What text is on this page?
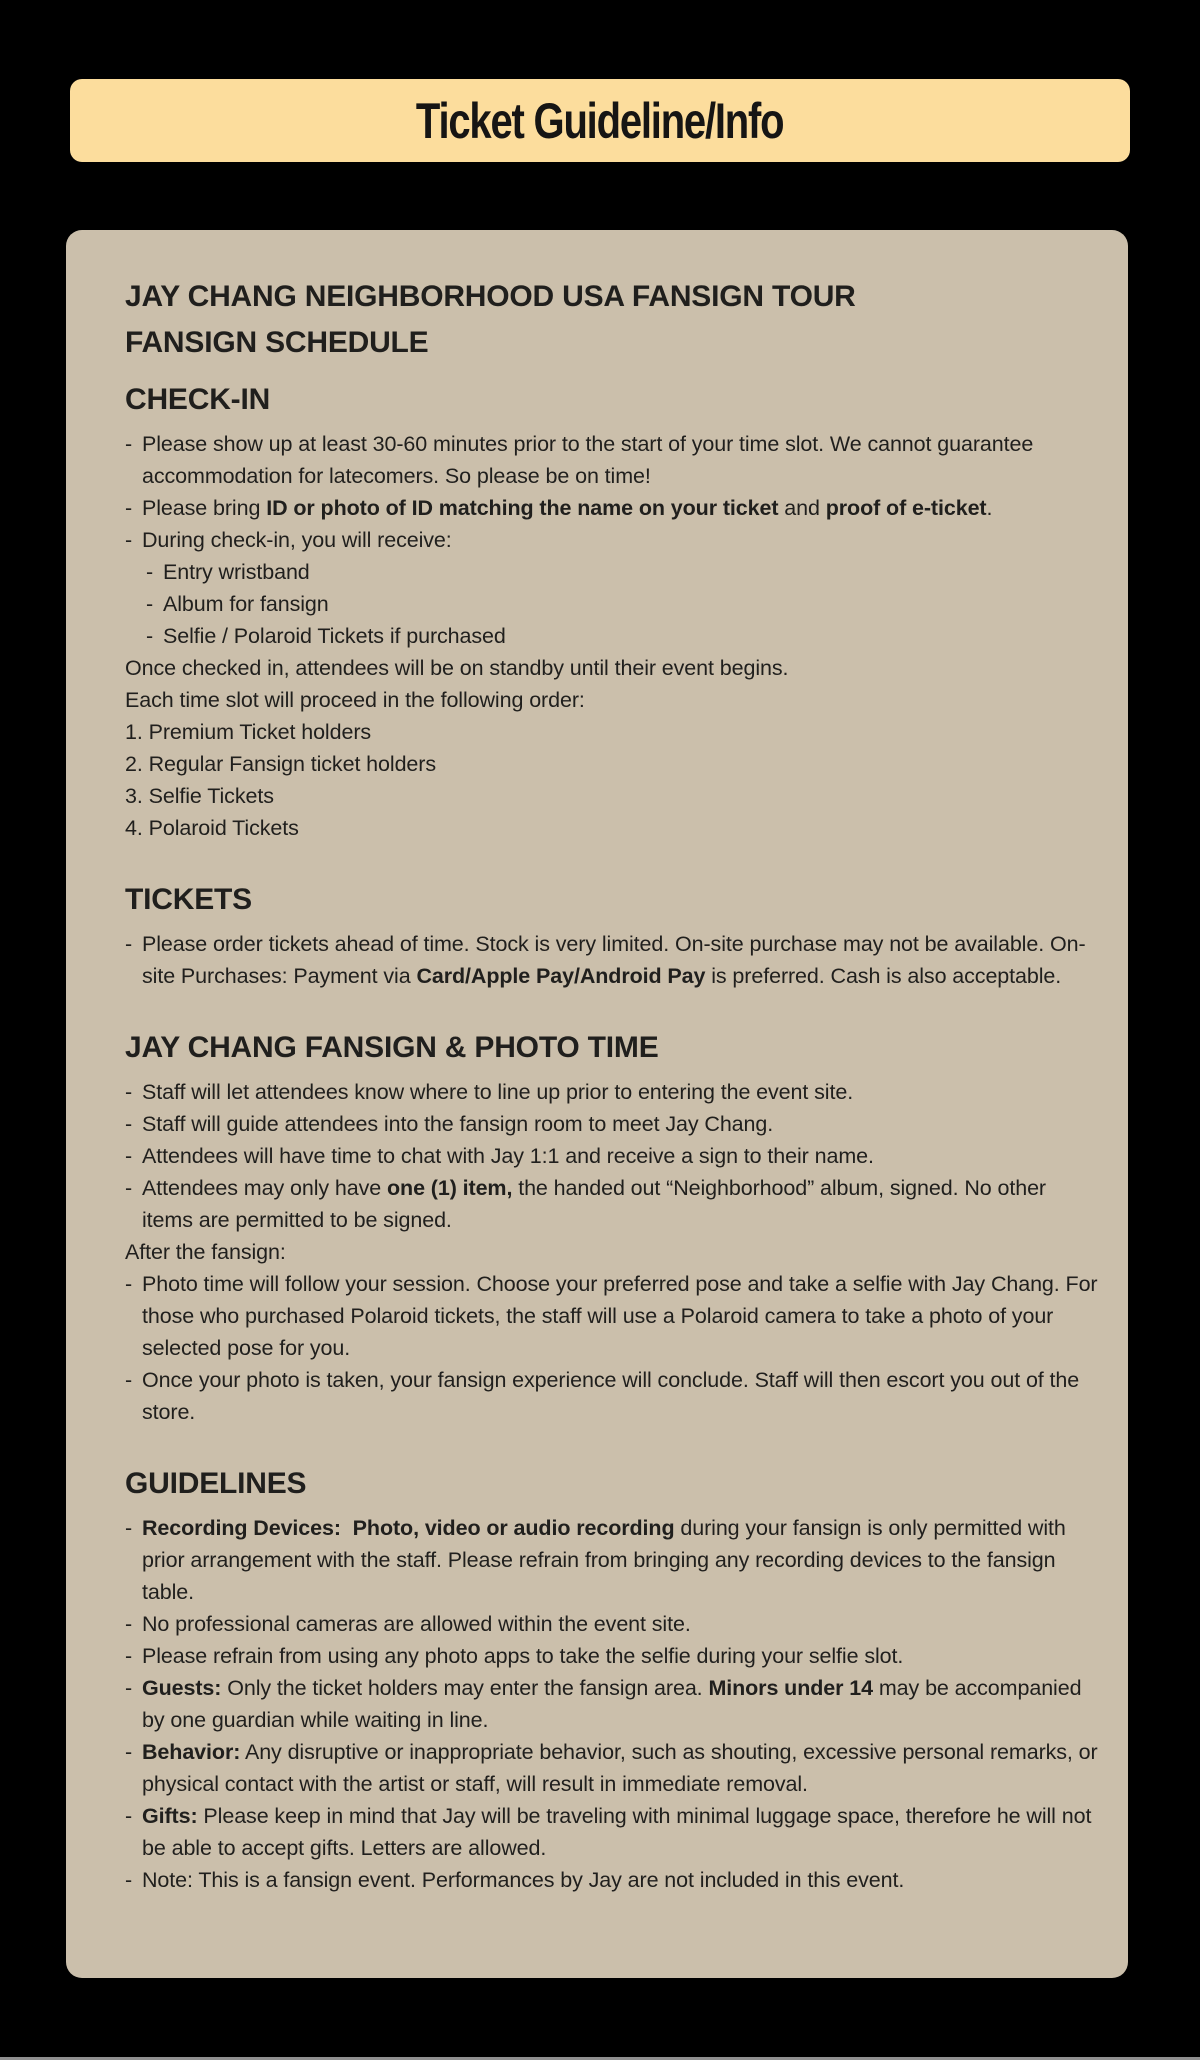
Ticket Guideline/Info
JAY CHANG NEIGHBORHOOD USA FANSIGN TOUR
FANSIGN SCHEDULE
CHECK-IN
- Please show up at least 30-60 minutes prior to the start of your time slot. We cannot guarantee accommodation for latecomers. So please be on time!
- Please bring ID or photo of ID matching the name on your ticket and proof of e-ticket.
- During check-in, you will receive:
- Entry wristband
- Album for fansign
- Selfie / Polaroid Tickets if purchased
Once checked in, attendees will be on standby until their event begins.
Each time slot will proceed in the following order:
1. Premium Ticket holders
2. Regular Fansign ticket holders
3. Selfie Tickets
4. Polaroid Tickets
TICKETS
- Please order tickets ahead of time. Stock is very limited. On-site purchase may not be available. On-site Purchases: Payment via Card/Apple Pay/Android Pay is preferred. Cash is also acceptable.
JAY CHANG FANSIGN & PHOTO TIME
- Staff will let attendees know where to line up prior to entering the event site.
- Staff will guide attendees into the fansign room to meet Jay Chang.
- Attendees will have time to chat with Jay 1:1 and receive a sign to their name.
- Attendees may only have one (1) item, the handed out “Neighborhood” album, signed. No other items are permitted to be signed.
After the fansign:
- Photo time will follow your session. Choose your preferred pose and take a selfie with Jay Chang. For those who purchased Polaroid tickets, the staff will use a Polaroid camera to take a photo of your selected pose for you.
- Once your photo is taken, your fansign experience will conclude. Staff will then escort you out of the store.
GUIDELINES
- Recording Devices:  Photo, video or audio recording during your fansign is only permitted with prior arrangement with the staff. Please refrain from bringing any recording devices to the fansign table.
- No professional cameras are allowed within the event site.
- Please refrain from using any photo apps to take the selfie during your selfie slot.
- Guests: Only the ticket holders may enter the fansign area. Minors under 14 may be accompanied by one guardian while waiting in line.
- Behavior: Any disruptive or inappropriate behavior, such as shouting, excessive personal remarks, or physical contact with the artist or staff, will result in immediate removal.
- Gifts: Please keep in mind that Jay will be traveling with minimal luggage space, therefore he will not be able to accept gifts. Letters are allowed.
- Note: This is a fansign event. Performances by Jay are not included in this event.
